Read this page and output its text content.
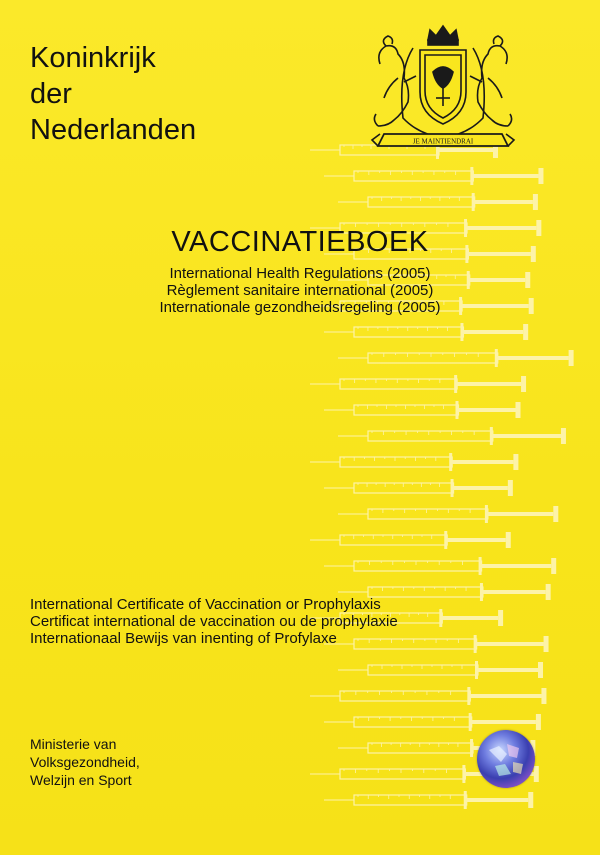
JE MAINTIENDRAI
Koninkrijk
der
Nederlanden
VACCINATIEBOEK
International Health Regulations (2005)
Règlement sanitaire international (2005)
Internationale gezondheidsregeling (2005)
International Certificate of Vaccination or Prophylaxis
Certificat international de vaccination ou de prophylaxie
Internationaal Bewijs van inenting of Profylaxe
Ministerie van
Volksgezondheid,
Welzijn en Sport
